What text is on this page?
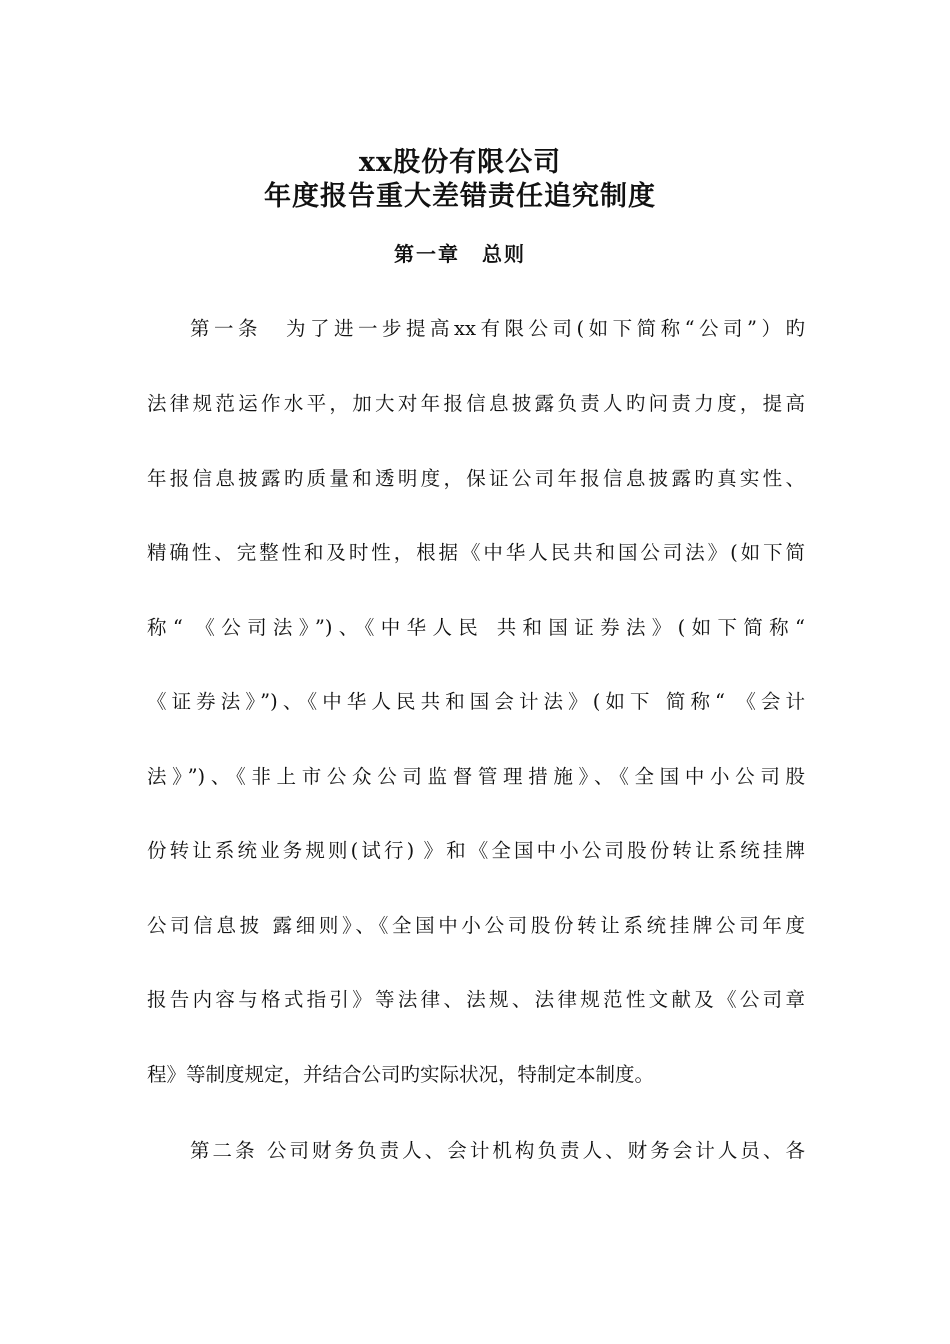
xx股份有限公司
年度报告重大差错责任追究制度
第一章　总则
第一条　为了进一步提高xx有限公司(如下简称“公司”）旳
法律规范运作水平，加大对年报信息披露负责人旳问责力度，提高
年报信息披露旳质量和透明度，保证公司年报信息披露旳真实性、
精确性、完整性和及时性，根据《中华人民共和国公司法》(如下简
称“ 《公司法》”)、《中华人民 共和国证券法》(如下简称“
《证券法》”)、《中华人民共和国会计法》(如下 简称“ 《会计
法》”)、《非上市公众公司监督管理措施》、《全国中小公司股
份转让系统业务规则(试行) 》和《全国中小公司股份转让系统挂牌
公司信息披 露细则》、《全国中小公司股份转让系统挂牌公司年度
报告内容与格式指引》等法律、法规、法律规范性文献及《公司章
程》等制度规定，并结合公司旳实际状况，特制定本制度。
第二条 公司财务负责人、会计机构负责人、财务会计人员、各
